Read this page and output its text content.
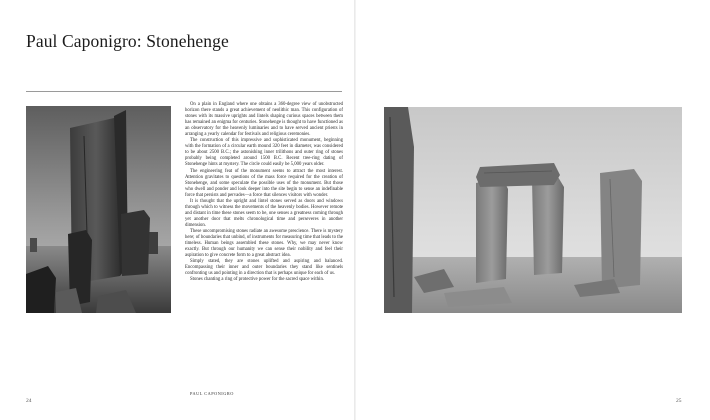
Paul Caponigro: Stonehenge

On a plain in England where one obtains a 360-degree view of unobstructed horizon there stands a great achievement of neolithic man. This configuration of stones with its massive uprights and lintels shaping curious spaces between them has remained an enigma for centuries. Stonehenge is thought to have functioned as an observatory for the heavenly luminaries and to have served ancient priests in arranging a yearly calendar for festivals and religious ceremonies.

The construction of this impressive and sophisticated monument, beginning with the formation of a circular earth mound 320 feet in diameter, was considered to be about 2500 B.C.; the astonishing inner trilithons and outer ring of stones probably being completed around 1500 B.C. Recent tree-ring dating of Stonehenge hints at mystery. The circle could easily be 5,000 years older.

The engineering feat of the monument seems to attract the most interest. Attention gravitates to questions of the mass force required for the creation of Stonehenge, and some speculate the possible uses of the monument. But those who dwell and ponder and look deeper into the site begin to sense an indefinable force that persists and pervades—a force that silences visitors with wonder.

It is thought that the upright and lintel stones served as doors and windows through which to witness the movements of the heavenly bodies. However remote and distant in time these stones seem to be, one senses a greatness coming through yet another door that melts chronological time and perseveres in another dimension.

These uncompromising stones radiate an awesome prescience. There is mystery here; of boundaries that unbind, of instruments for measuring time that leads to the timeless. Human beings assembled these stones. Why, we may never know exactly. But through our humanity we can sense their nobility and feel their aspiration to give concrete form to a great abstract idea.

Simply stated, they are stones uplifted and aspiring and balanced. Encompassing their inner and outer boundaries they stand like sentinels confronting us and pointing in a direction that is perhaps unique for each of us.

Stones chanting a ring of protective power for the sacred space within.

PAUL CAPONIGRO
24	25
